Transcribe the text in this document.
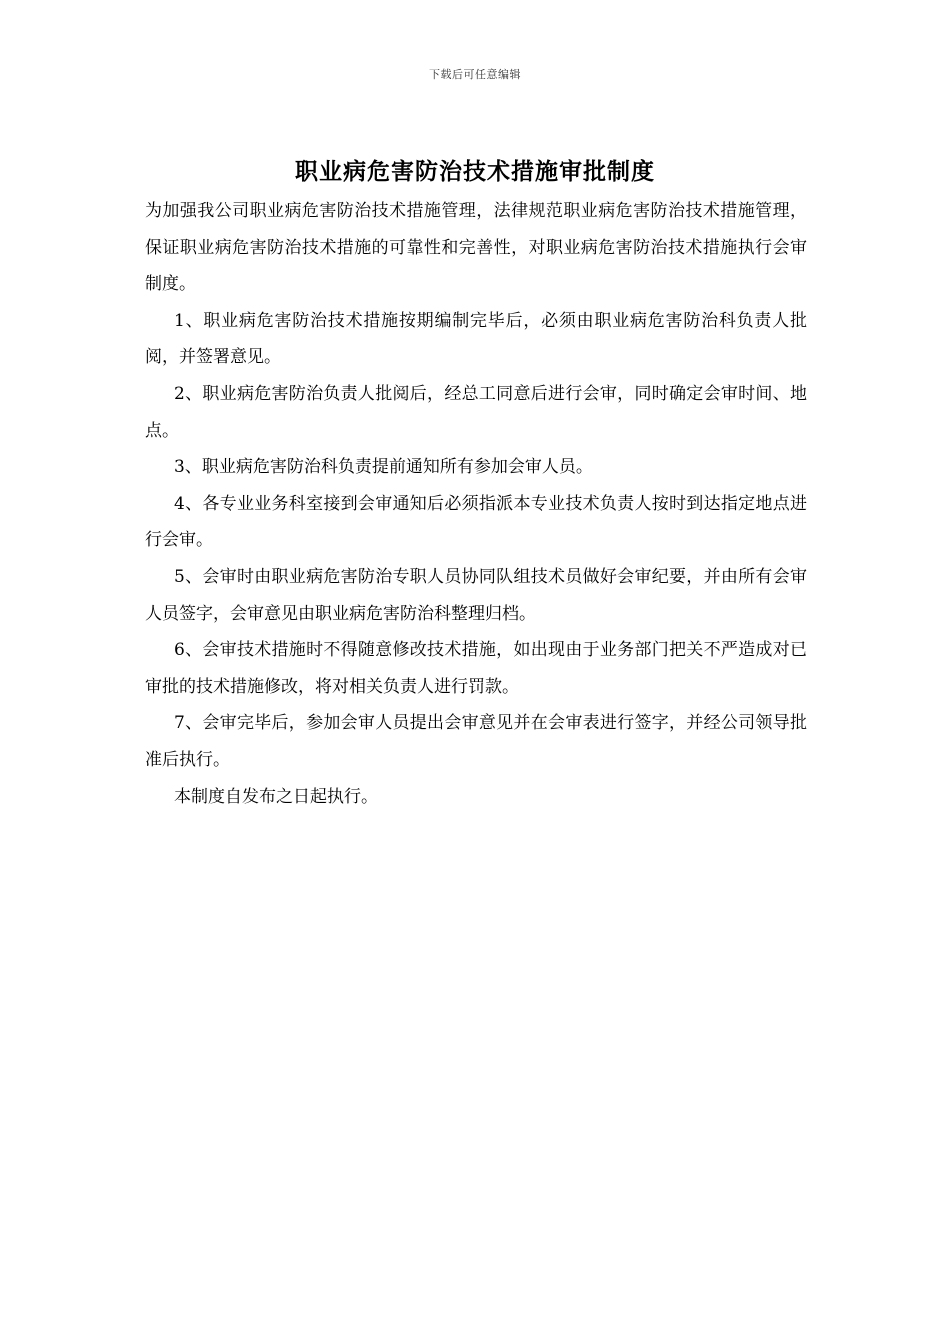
下载后可任意编辑
职业病危害防治技术措施审批制度

为加强我公司职业病危害防治技术措施管理，法律规范职业病危害防治技术措施管理，保证职业病危害防治技术措施的可靠性和完善性，对职业病危害防治技术措施执行会审制度。

1、职业病危害防治技术措施按期编制完毕后，必须由职业病危害防治科负责人批阅，并签署意见。

2、职业病危害防治负责人批阅后，经总工同意后进行会审，同时确定会审时间、地点。

3、职业病危害防治科负责提前通知所有参加会审人员。

4、各专业业务科室接到会审通知后必须指派本专业技术负责人按时到达指定地点进行会审。

5、会审时由职业病危害防治专职人员协同队组技术员做好会审纪要，并由所有会审人员签字，会审意见由职业病危害防治科整理归档。

6、会审技术措施时不得随意修改技术措施，如出现由于业务部门把关不严造成对已审批的技术措施修改，将对相关负责人进行罚款。

7、会审完毕后，参加会审人员提出会审意见并在会审表进行签字，并经公司领导批准后执行。

本制度自发布之日起执行。
